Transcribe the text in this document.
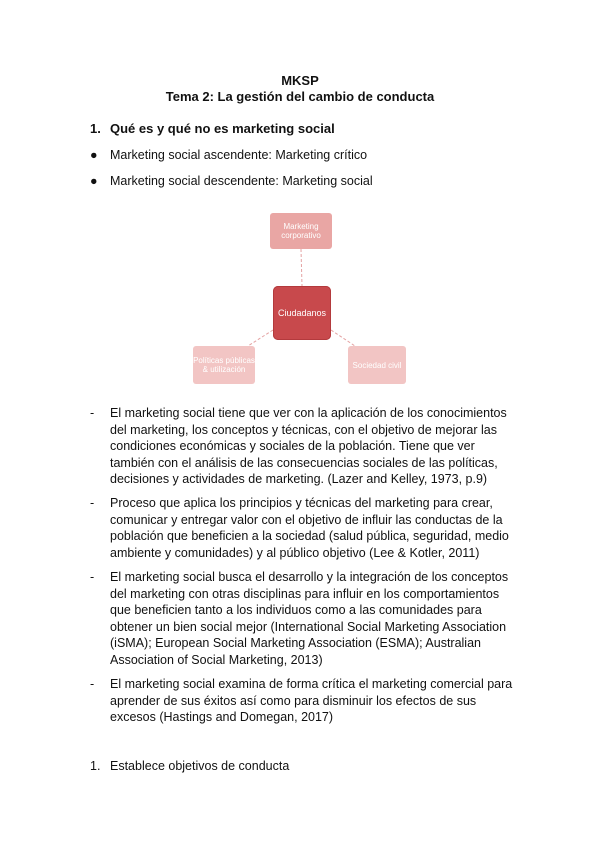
MKSP
Tema 2: La gestión del cambio de conducta
1. Qué es y qué no es marketing social
● Marketing social ascendente: Marketing crítico
● Marketing social descendente: Marketing social
Marketing corporativo
Ciudadanos
Sociedad civil
Políticas públicas & utilización
- El marketing social tiene que ver con la aplicación de los conocimientos del marketing, los conceptos y técnicas, con el objetivo de mejorar las condiciones económicas y sociales de la población. Tiene que ver también con el análisis de las consecuencias sociales de las políticas, decisiones y actividades de marketing. (Lazer and Kelley, 1973, p.9)
- Proceso que aplica los principios y técnicas del marketing para crear, comunicar y entregar valor con el objetivo de influir las conductas de la población que beneficien a la sociedad (salud pública, seguridad, medio ambiente y comunidades) y al público objetivo (Lee & Kotler, 2011)
- El marketing social busca el desarrollo y la integración de los conceptos del marketing con otras disciplinas para influir en los comportamientos que beneficien tanto a los individuos como a las comunidades para obtener un bien social mejor (International Social Marketing Association (iSMA); European Social Marketing Association (ESMA); Australian Association of Social Marketing, 2013)
- El marketing social examina de forma crítica el marketing comercial para aprender de sus éxitos así como para disminuir los efectos de sus excesos (Hastings and Domegan, 2017)
1. Establece objetivos de conducta
